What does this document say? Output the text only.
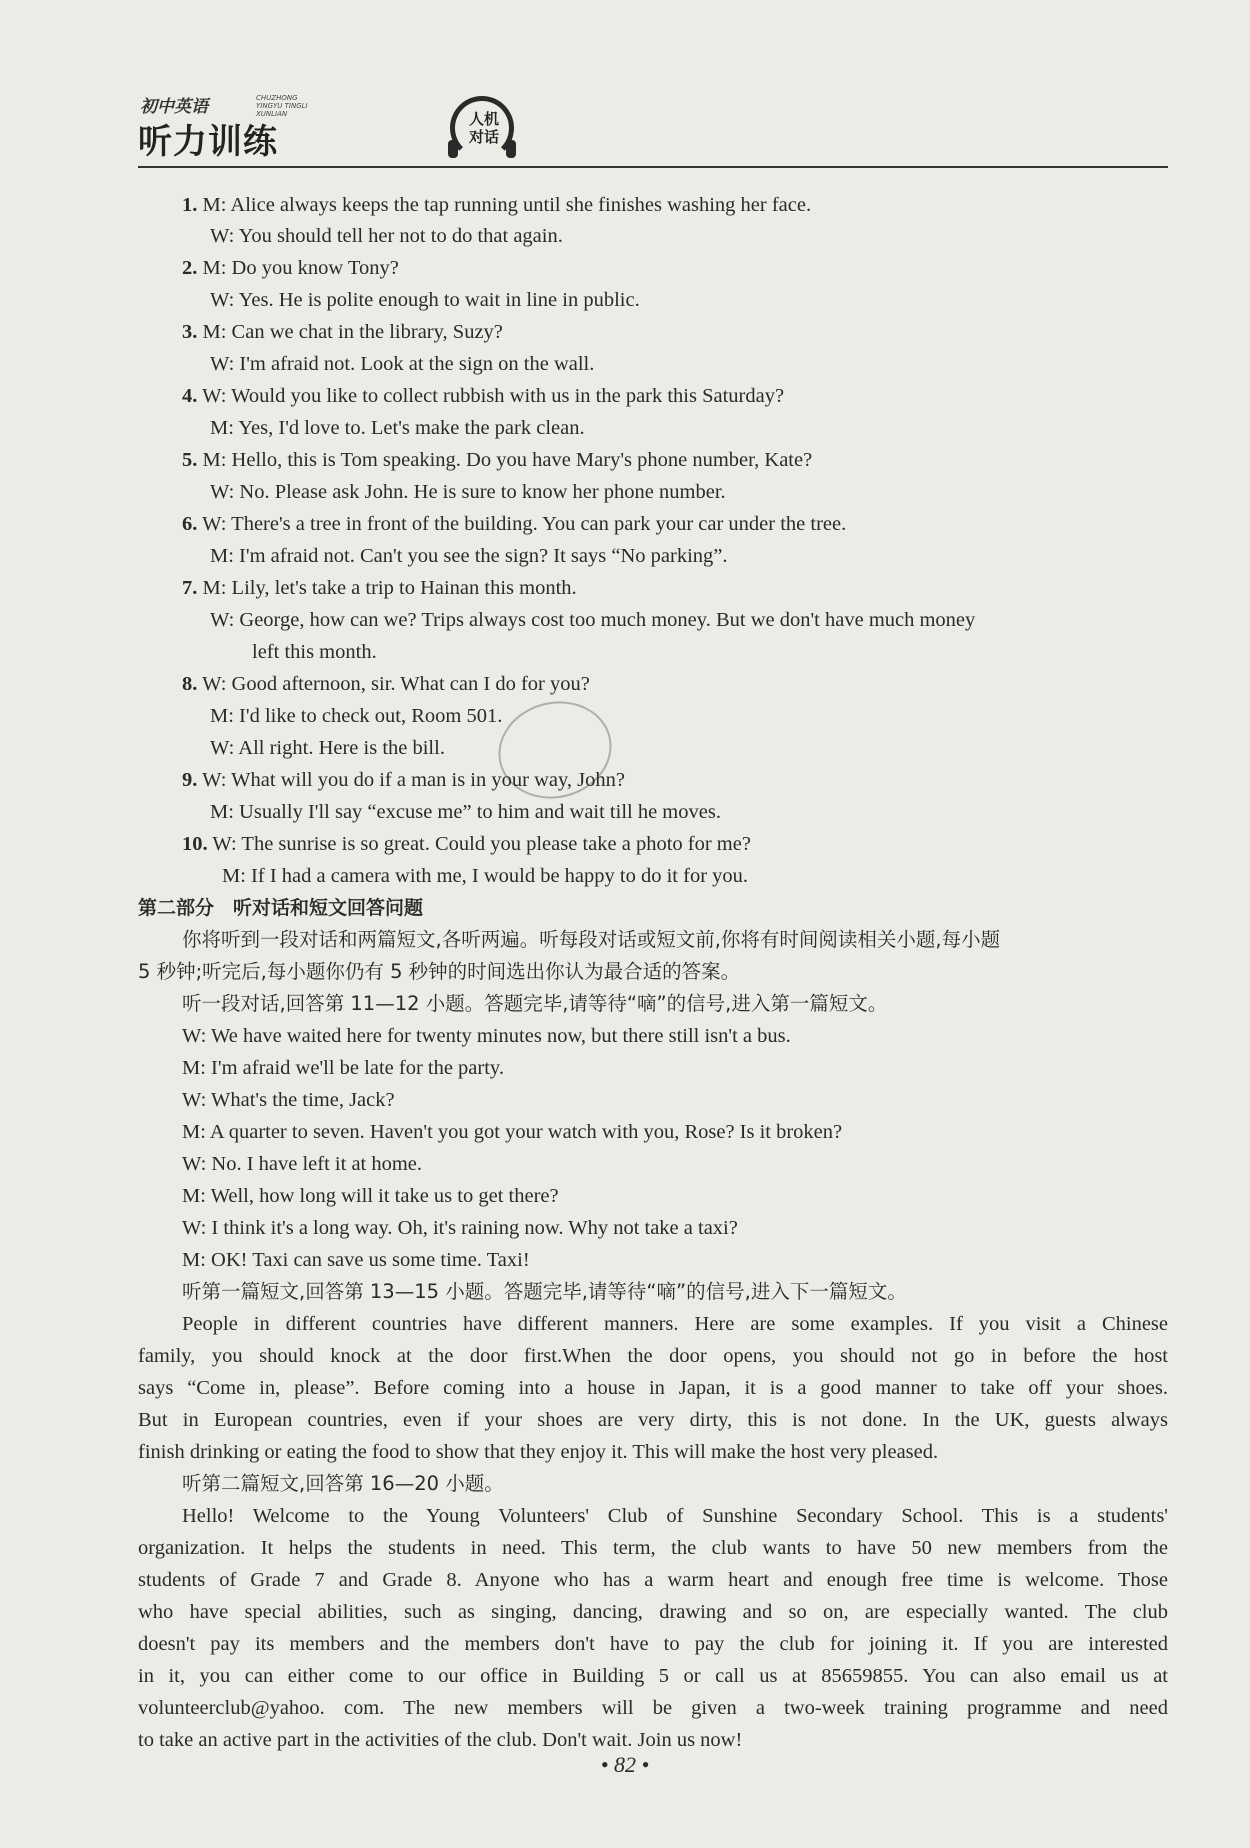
初中英语	CHUZHONG YINGYU TINGLI XUNLIAN
听力训练
人机对话
1. M: Alice always keeps the tap running until she finishes washing her face.
W: You should tell her not to do that again.
2. M: Do you know Tony?
W: Yes. He is polite enough to wait in line in public.
3. M: Can we chat in the library, Suzy?
W: I'm afraid not. Look at the sign on the wall.
4. W: Would you like to collect rubbish with us in the park this Saturday?
M: Yes, I'd love to. Let's make the park clean.
5. M: Hello, this is Tom speaking. Do you have Mary's phone number, Kate?
W: No. Please ask John. He is sure to know her phone number.
6. W: There's a tree in front of the building. You can park your car under the tree.
M: I'm afraid not. Can't you see the sign? It says “No parking”.
7. M: Lily, let's take a trip to Hainan this month.
W: George, how can we? Trips always cost too much money. But we don't have much money
left this month.
8. W: Good afternoon, sir. What can I do for you?
M: I'd like to check out, Room 501.
W: All right. Here is the bill.
9. W: What will you do if a man is in your way, John?
M: Usually I'll say “excuse me” to him and wait till he moves.
10. W: The sunrise is so great. Could you please take a photo for me?
M: If I had a camera with me, I would be happy to do it for you.
第二部分　听对话和短文回答问题
你将听到一段对话和两篇短文,各听两遍。听每段对话或短文前,你将有时间阅读相关小题,每小题
5 秒钟;听完后,每小题你仍有 5 秒钟的时间选出你认为最合适的答案。
听一段对话,回答第 11—12 小题。答题完毕,请等待“嘀”的信号,进入第一篇短文。
W: We have waited here for twenty minutes now, but there still isn't a bus.
M: I'm afraid we'll be late for the party.
W: What's the time, Jack?
M: A quarter to seven. Haven't you got your watch with you, Rose? Is it broken?
W: No. I have left it at home.
M: Well, how long will it take us to get there?
W: I think it's a long way. Oh, it's raining now. Why not take a taxi?
M: OK! Taxi can save us some time. Taxi!
听第一篇短文,回答第 13—15 小题。答题完毕,请等待“嘀”的信号,进入下一篇短文。
People in different countries have different manners. Here are some examples. If you visit a Chinese
family, you should knock at the door first.When the door opens, you should not go in before the host
says “Come in, please”. Before coming into a house in Japan, it is a good manner to take off your shoes.
But in European countries, even if your shoes are very dirty, this is not done. In the UK, guests always
finish drinking or eating the food to show that they enjoy it. This will make the host very pleased.
听第二篇短文,回答第 16—20 小题。
Hello! Welcome to the Young Volunteers' Club of Sunshine Secondary School. This is a students'
organization. It helps the students in need. This term, the club wants to have 50 new members from the
students of Grade 7 and Grade 8. Anyone who has a warm heart and enough free time is welcome. Those
who have special abilities, such as singing, dancing, drawing and so on, are especially wanted. The club
doesn't pay its members and the members don't have to pay the club for joining it. If you are interested
in it, you can either come to our office in Building 5 or call us at 85659855. You can also email us at
volunteerclub@yahoo. com. The new members will be given a two-week training programme and need
to take an active part in the activities of the club. Don't wait. Join us now!
• 82 •
